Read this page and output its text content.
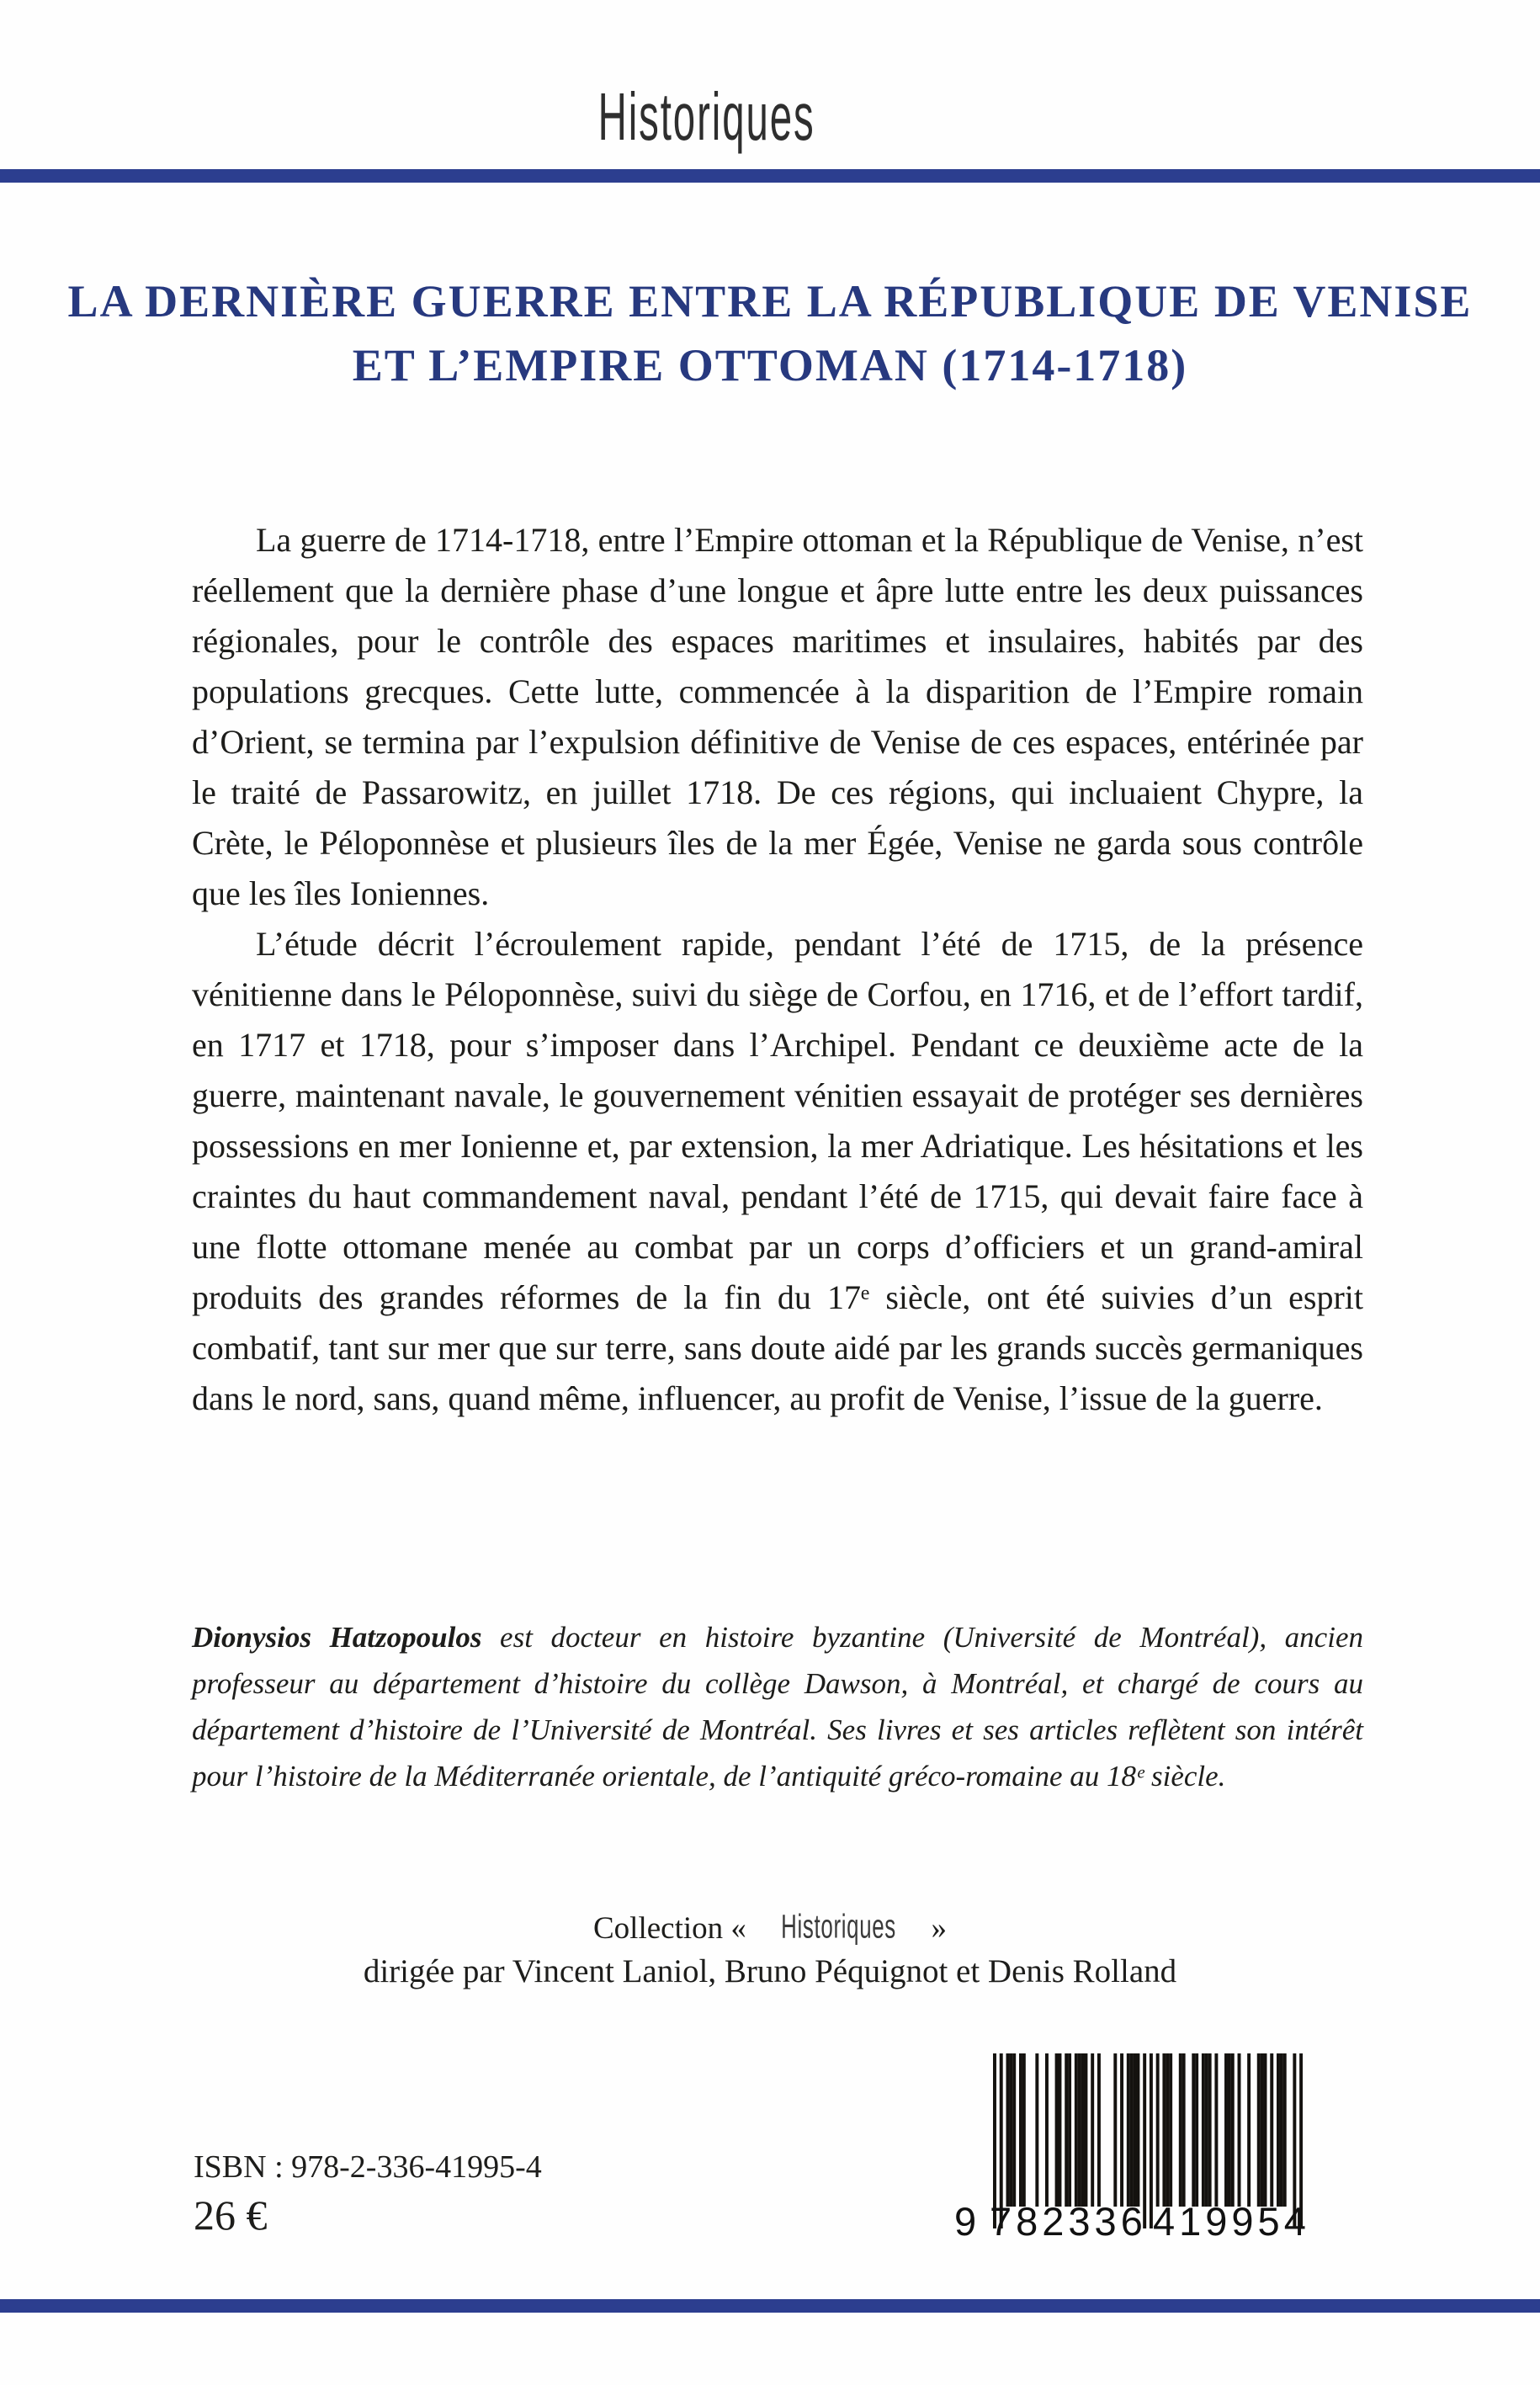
Historiques
LA DERNIÈRE GUERRE ENTRE LA RÉPUBLIQUE DE VENISE
ET L’EMPIRE OTTOMAN (1714-1718)

La guerre de 1714-1718, entre l’Empire ottoman et la République de Venise, n’est réellement que la dernière phase d’une longue et âpre lutte entre les deux puissances régionales, pour le contrôle des espaces maritimes et insulaires, habités par des populations grecques. Cette lutte, commencée à la disparition de l’Empire romain d’Orient, se termina par l’expulsion définitive de Venise de ces espaces, entérinée par le traité de Passarowitz, en juillet 1718. De ces régions, qui incluaient Chypre, la Crète, le Péloponnèse et plusieurs îles de la mer Égée, Venise ne garda sous contrôle que les îles Ioniennes.

L’étude décrit l’écroulement rapide, pendant l’été de 1715, de la présence vénitienne dans le Péloponnèse, suivi du siège de Corfou, en 1716, et de l’effort tardif, en 1717 et 1718, pour s’imposer dans l’Archipel. Pendant ce deuxième acte de la guerre, maintenant navale, le gouvernement vénitien essayait de protéger ses dernières possessions en mer Ionienne et, par extension, la mer Adriatique. Les hésitations et les craintes du haut commandement naval, pendant l’été de 1715, qui devait faire face à une flotte ottomane menée au combat par un corps d’officiers et un grand-amiral produits des grandes réformes de la fin du 17ᵉ siècle, ont été suivies d’un esprit combatif, tant sur mer que sur terre, sans doute aidé par les grands succès germaniques dans le nord, sans, quand même, influencer, au profit de Venise, l’issue de la guerre.

Dionysios Hatzopoulos est docteur en histoire byzantine (Université de Montréal), ancien professeur au département d’histoire du collège Dawson, à Montréal, et chargé de cours au département d’histoire de l’Université de Montréal. Ses livres et ses articles reflètent son intérêt pour l’histoire de la Méditerranée orientale, de l’antiquité gréco-romaine au 18ᵉ siècle.

Collection « Historiques »
dirigée par Vincent Laniol, Bruno Péquignot et Denis Rolland
9 782336 419954
ISBN : 978-2-336-41995-4
26 €
